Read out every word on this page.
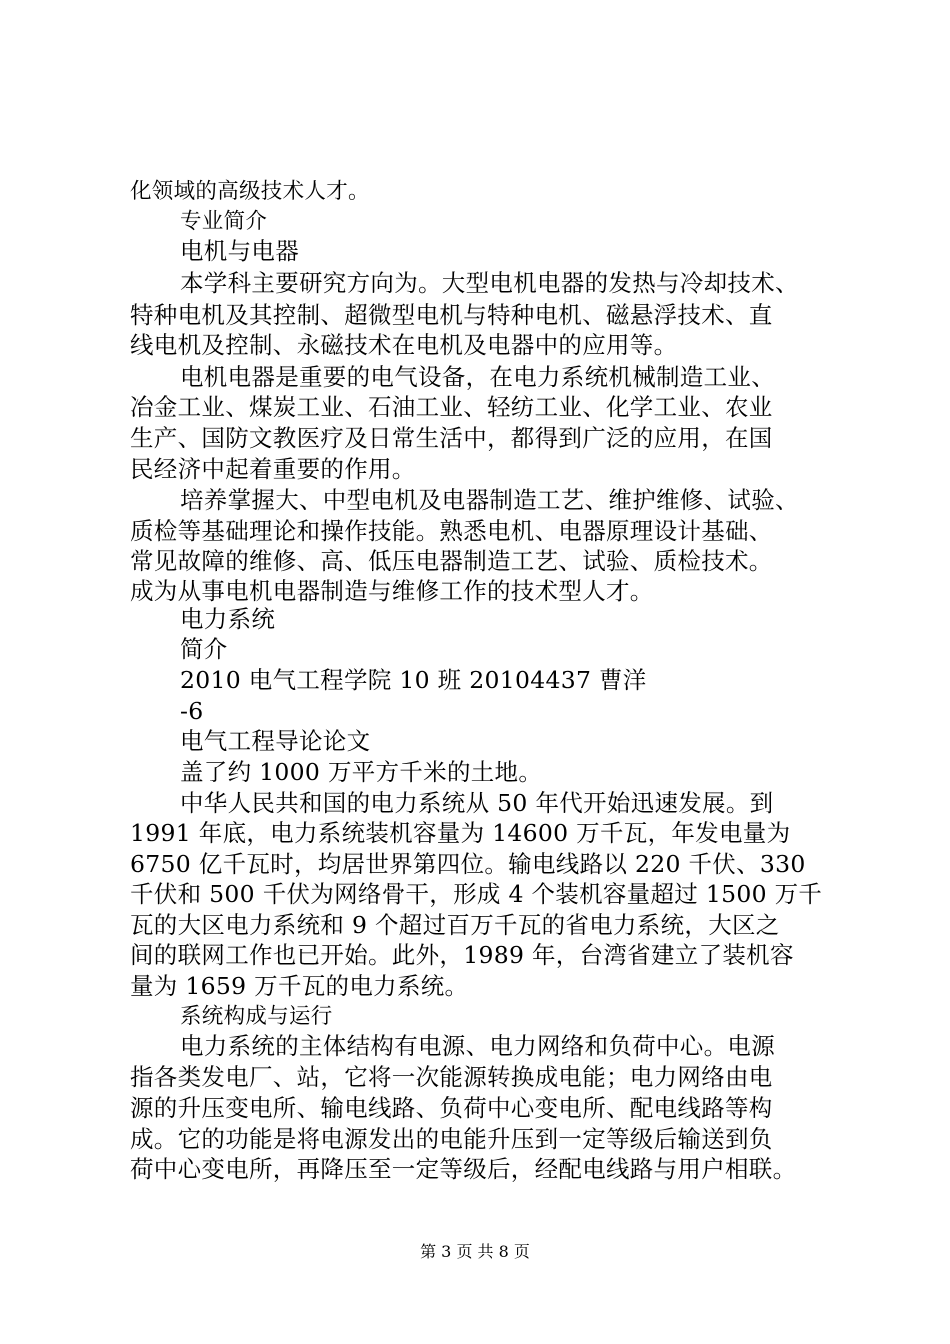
化领域的高级技术人才。
专业简介
电机与电器
本学科主要研究方向为。大型电机电器的发热与冷却技术、
特种电机及其控制、超微型电机与特种电机、磁悬浮技术、直
线电机及控制、永磁技术在电机及电器中的应用等。
电机电器是重要的电气设备，在电力系统机械制造工业、
冶金工业、煤炭工业、石油工业、轻纺工业、化学工业、农业
生产、国防文教医疗及日常生活中，都得到广泛的应用，在国
民经济中起着重要的作用。
培养掌握大、中型电机及电器制造工艺、维护维修、试验、
质检等基础理论和操作技能。熟悉电机、电器原理设计基础、
常见故障的维修、高、低压电器制造工艺、试验、质检技术。
成为从事电机电器制造与维修工作的技术型人才。
电力系统
简介
2010 电气工程学院 10 班 20104437 曹洋
-6
电气工程导论论文
盖了约 1000 万平方千米的土地。
中华人民共和国的电力系统从 50 年代开始迅速发展。到
1991 年底，电力系统装机容量为 14600 万千瓦，年发电量为
6750 亿千瓦时，均居世界第四位。输电线路以 220 千伏、330
千伏和 500 千伏为网络骨干，形成 4 个装机容量超过 1500 万千
瓦的大区电力系统和 9 个超过百万千瓦的省电力系统，大区之
间的联网工作也已开始。此外，1989 年，台湾省建立了装机容
量为 1659 万千瓦的电力系统。
系统构成与运行
电力系统的主体结构有电源、电力网络和负荷中心。电源
指各类发电厂、站，它将一次能源转换成电能；电力网络由电
源的升压变电所、输电线路、负荷中心变电所、配电线路等构
成。它的功能是将电源发出的电能升压到一定等级后输送到负
荷中心变电所，再降压至一定等级后，经配电线路与用户相联。
第 3 页 共 8 页
